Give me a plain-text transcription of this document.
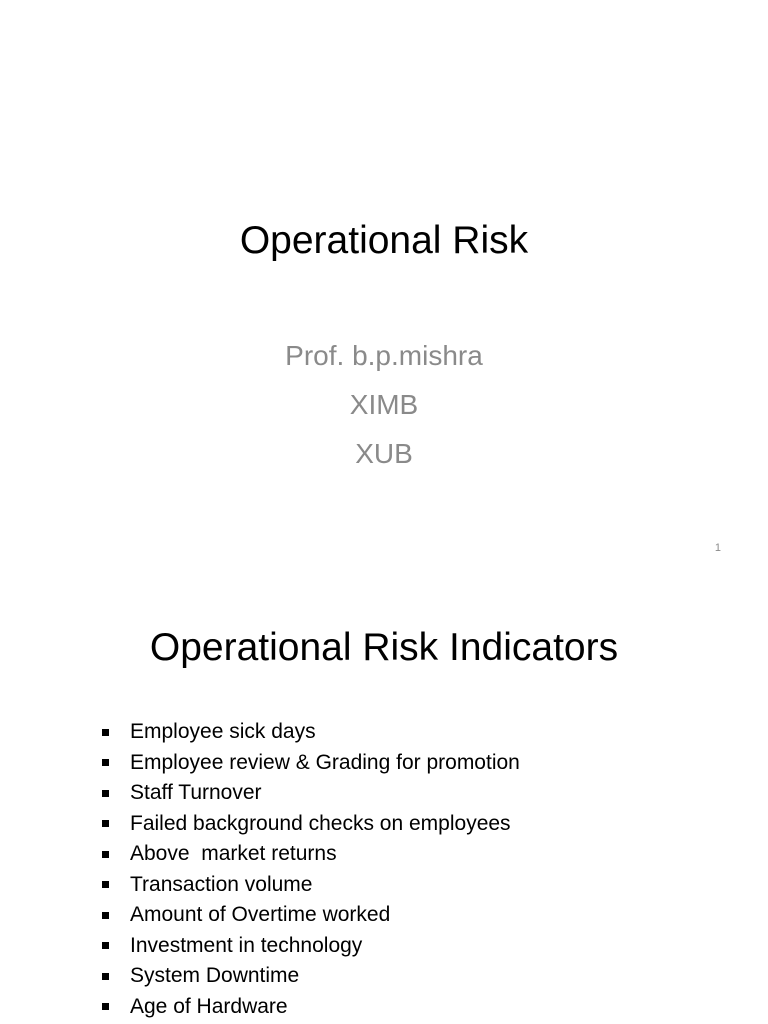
Operational Risk
Prof. b.p.mishra
XIMB
XUB
1
Operational Risk Indicators
Employee sick days
Employee review & Grading for promotion
Staff Turnover
Failed background checks on employees
Above  market returns
Transaction volume
Amount of Overtime worked
Investment in technology
System Downtime
Age of Hardware
